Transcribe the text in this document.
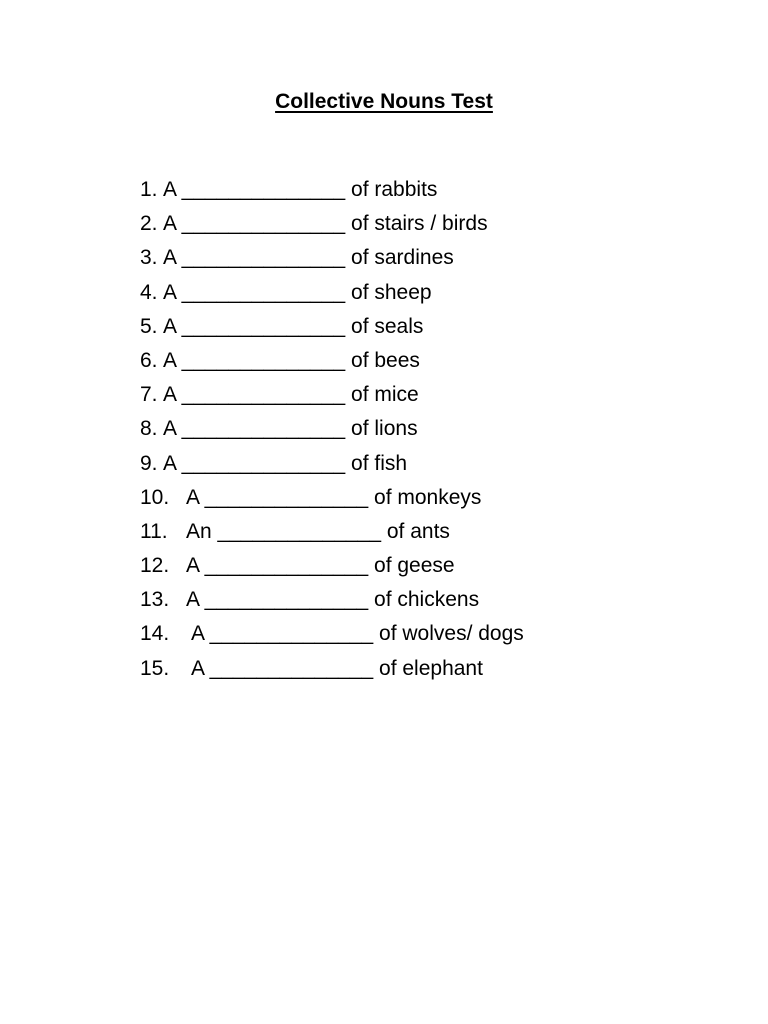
Collective Nouns Test
1. A ______________ of rabbits
2. A ______________ of stairs / birds
3. A ______________ of sardines
4. A ______________ of sheep
5. A ______________ of seals
6. A ______________ of bees
7. A ______________ of mice
8. A ______________ of lions
9. A ______________ of fish
10. A ______________ of monkeys
11. An ______________ of ants
12. A ______________ of geese
13. A ______________ of chickens
14. A ______________ of wolves/ dogs
15. A ______________ of elephant
